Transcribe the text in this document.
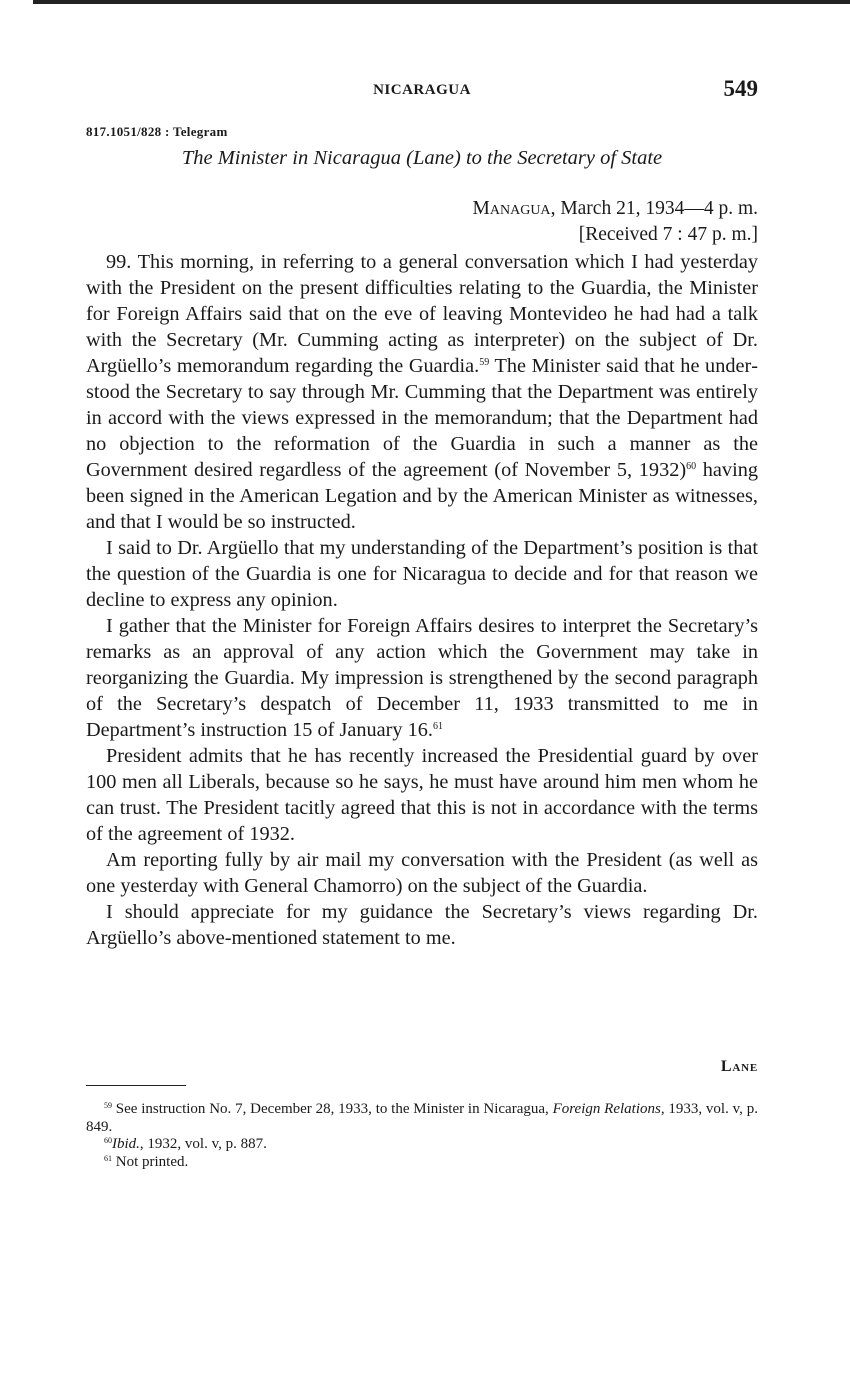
NICARAGUA	549
817.1051/828 : Telegram
The Minister in Nicaragua (Lane) to the Secretary of State
Managua, March 21, 1934—4 p. m.
[Received 7 : 47 p. m.]

99. This morning, in referring to a general conversation which I had yesterday with the President on the present difficulties relating to the Guardia, the Minister for Foreign Affairs said that on the eve of leaving Montevideo he had had a talk with the Secretary (Mr. Cumming acting as interpreter) on the subject of Dr. Argüello’s memorandum regarding the Guardia.$^{59}$ The Minister said that he understood the Secretary to say through Mr. Cumming that the Department was entirely in accord with the views expressed in the memorandum; that the Department had no objection to the reformation of the Guardia in such a manner as the Government desired regardless of the agreement (of November 5, 1932)$^{60}$ having been signed in the American Legation and by the American Minister as witnesses, and that I would be so instructed.

I said to Dr. Argüello that my understanding of the Department’s position is that the question of the Guardia is one for Nicaragua to decide and for that reason we decline to express any opinion.

I gather that the Minister for Foreign Affairs desires to interpret the Secretary’s remarks as an approval of any action which the Government may take in reorganizing the Guardia. My impression is strengthened by the second paragraph of the Secretary’s despatch of December 11, 1933 transmitted to me in Department’s instruction 15 of January 16.61

President admits that he has recently increased the Presidential guard by over 100 men all Liberals, because so he says, he must have around him men whom he can trust. The President tacitly agreed that this is not in accordance with the terms of the agreement of 1932.

Am reporting fully by air mail my conversation with the President (as well as one yesterday with General Chamorro) on the subject of the Guardia.

I should appreciate for my guidance the Secretary’s views regarding Dr. Argüello’s above-mentioned statement to me.

Lane

$^{59}$ See instruction No. 7, December 28, 1933, to the Minister in Nicaragua, Foreign Relations, 1933, vol. v, p. 849.

$^{60}$Ibid., 1932, vol. v, p. 887.

$^{61}$ Not printed.
